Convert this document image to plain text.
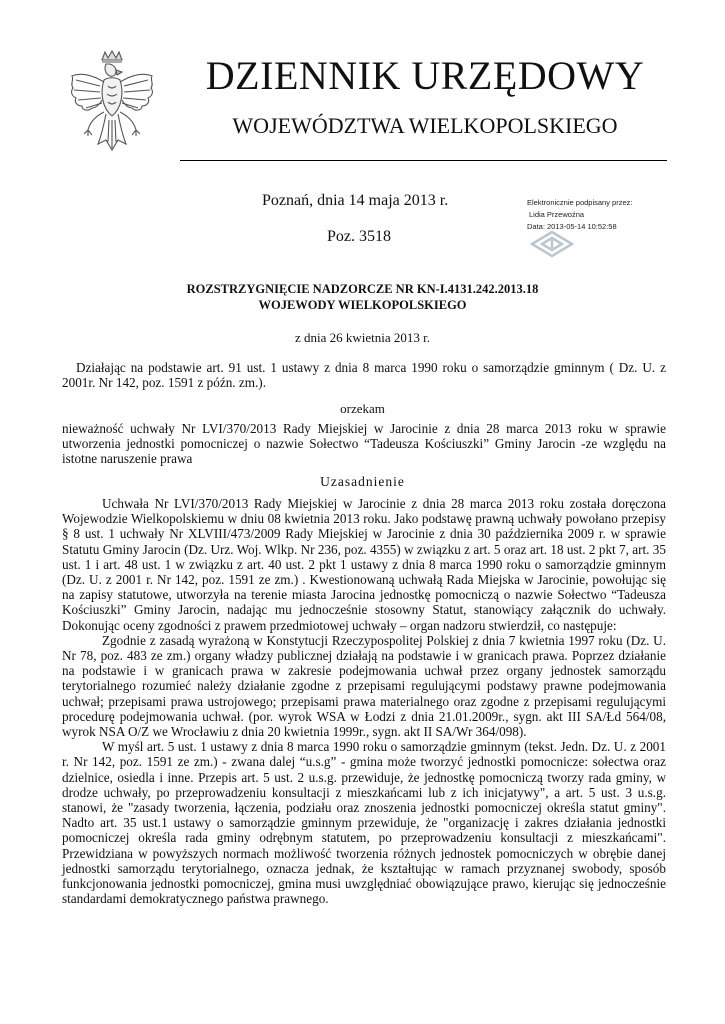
DZIENNIK URZĘDOWY
WOJEWÓDZTWA WIELKOPOLSKIEGO
Poznań, dnia 14 maja 2013 r.
Poz. 3518
Elektronicznie podpisany przez:
Lidia Przewoźna
Data: 2013-05-14 10:52:58
ROZSTRZYGNIĘCIE NADZORCZE NR KN-I.4131.242.2013.18
WOJEWODY WIELKOPOLSKIEGO
z dnia 26 kwietnia 2013 r.
Działając na podstawie art. 91 ust. 1 ustawy z dnia 8 marca 1990 roku o samorządzie gminnym ( Dz. U. z 2001r. Nr 142, poz. 1591 z późn. zm.).
orzekam
nieważność uchwały Nr LVI/370/2013 Rady Miejskiej w Jarocinie z dnia 28 marca 2013 roku w sprawie utworzenia jednostki pomocniczej o nazwie Sołectwo “Tadeusza Kościuszki” Gminy Jarocin -ze względu na istotne naruszenie prawa
Uzasadnienie

Uchwała Nr LVI/370/2013 Rady Miejskiej w Jarocinie z dnia 28 marca 2013 roku została doręczona Wojewodzie Wielkopolskiemu w dniu 08 kwietnia 2013 roku. Jako podstawę prawną uchwały powołano przepisy § 8 ust. 1 uchwały Nr XLVIII/473/2009 Rady Miejskiej w Jarocinie z dnia 30 października 2009 r. w sprawie Statutu Gminy Jarocin (Dz. Urz. Woj. Wlkp. Nr 236, poz. 4355) w związku z art. 5 oraz art. 18 ust. 2 pkt 7, art. 35 ust. 1 i art. 48 ust. 1 w związku z art. 40 ust. 2 pkt 1 ustawy z dnia 8 marca 1990 roku o samorządzie gminnym (Dz. U. z 2001 r. Nr 142, poz. 1591 ze zm.) . Kwestionowaną uchwałą Rada Miejska w Jarocinie, powołując się na zapisy statutowe, utworzyła na terenie miasta Jarocina jednostkę pomocniczą o nazwie Sołectwo “Tadeusza Kościuszki” Gminy Jarocin, nadając mu jednocześnie stosowny Statut, stanowiący załącznik do uchwały. Dokonując oceny zgodności z prawem przedmiotowej uchwały – organ nadzoru stwierdził, co następuje:

Zgodnie z zasadą wyrażoną w Konstytucji Rzeczypospolitej Polskiej z dnia 7 kwietnia 1997 roku (Dz. U. Nr 78, poz. 483 ze zm.) organy władzy publicznej działają na podstawie i w granicach prawa. Poprzez działanie na podstawie i w granicach prawa w zakresie podejmowania uchwał przez organy jednostek samorządu terytorialnego rozumieć należy działanie zgodne z przepisami regulującymi podstawy prawne podejmowania uchwał; przepisami prawa ustrojowego; przepisami prawa materialnego oraz zgodne z przepisami regulującymi procedurę podejmowania uchwał. (por. wyrok WSA w Łodzi z dnia 21.01.2009r., sygn. akt III SA/Łd 564/08, wyrok NSA O/Z we Wrocławiu z dnia 20 kwietnia 1999r., sygn. akt II SA/Wr 364/098).

W myśl art. 5 ust. 1 ustawy z dnia 8 marca 1990 roku o samorządzie gminnym (tekst. Jedn. Dz. U. z 2001 r. Nr 142, poz. 1591 ze zm.) - zwana dalej “u.s.g” - gmina może tworzyć jednostki pomocnicze: sołectwa oraz dzielnice, osiedla i inne. Przepis art. 5 ust. 2 u.s.g. przewiduje, że jednostkę pomocniczą tworzy rada gminy, w drodze uchwały, po przeprowadzeniu konsultacji z mieszkańcami lub z ich inicjatywy", a art. 5 ust. 3 u.s.g. stanowi, że "zasady tworzenia, łączenia, podziału oraz znoszenia jednostki pomocniczej określa statut gminy". Nadto art. 35 ust.1 ustawy o samorządzie gminnym przewiduje, że "organizację i zakres działania jednostki pomocniczej określa rada gminy odrębnym statutem, po przeprowadzeniu konsultacji z mieszkańcami". Przewidziana w powyższych normach możliwość tworzenia różnych jednostek pomocniczych w obrębie danej jednostki samorządu terytorialnego, oznacza jednak, że kształtując w ramach przyznanej swobody, sposób funkcjonowania jednostki pomocniczej, gmina musi uwzględniać obowiązujące prawo, kierując się jednocześnie standardami demokratycznego państwa prawnego.
